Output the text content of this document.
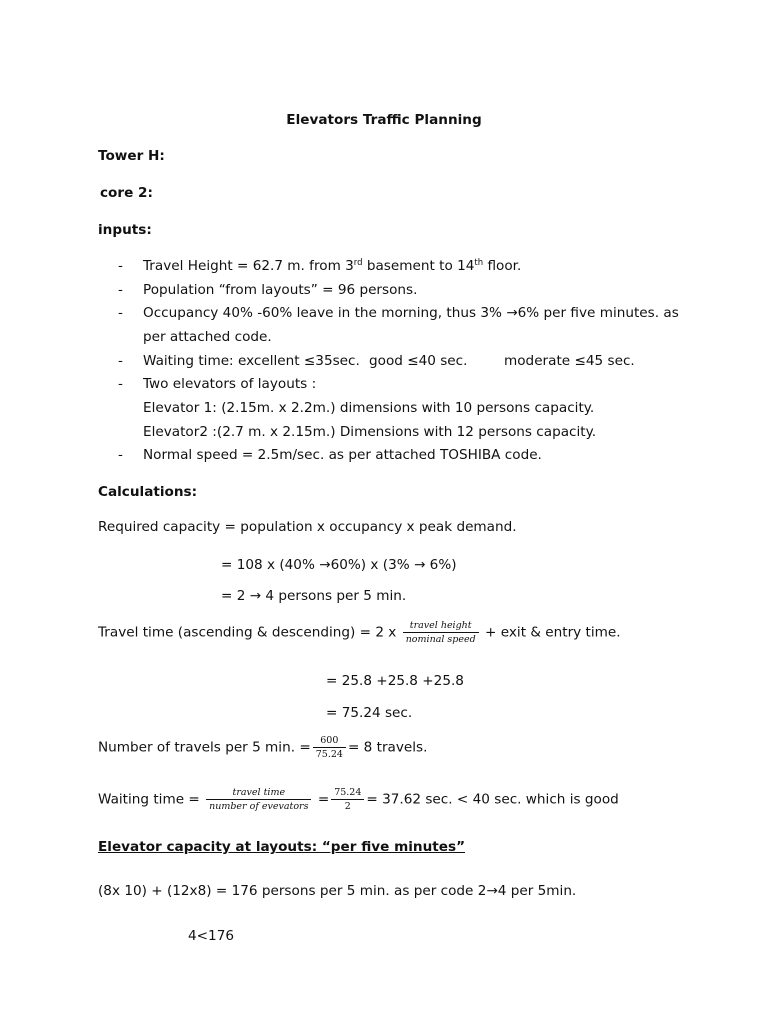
Elevators Traffic Planning
Tower H:
core 2:
inputs:
- Travel Height = 62.7 m. from 3rd basement to 14th floor.
- Population “from layouts” = 96 persons.
- Occupancy 40% -60% leave in the morning, thus 3% →6% per five minutes. as
per attached code.
- Waiting time: excellent ≤35sec. good ≤40 sec.	moderate ≤45 sec.
- Two elevators of layouts :
Elevator 1: (2.15m. x 2.2m.) dimensions with 10 persons capacity.
Elevator2 :(2.7 m. x 2.15m.) Dimensions with 12 persons capacity.
- Normal speed = 2.5m/sec. as per attached TOSHIBA code.
Calculations:
Required capacity = population x occupancy x peak demand.
= 108 x (40% →60%) x (3% → 6%)
= 2 → 4 persons per 5 min.
Travel time (ascending & descending) = 2 x $\frac{\text{travel height}}{\text{nominal speed}}$ + exit & entry time.
= 25.8 +25.8 +25.8
= 75.24 sec.
Number of travels per 5 min. = $\frac{600}{75.24} = 8$ travels.
Waiting time = $\frac{\text{travel time}}{\text{number of evevators}} = \frac{75.24}{2} = 37.62$ sec. < 40 sec. which is good
Elevator capacity at layouts: “per five minutes”
(8x 10) + (12x8) = 176 persons per 5 min. as per code 2→4 per 5min.
4<176
